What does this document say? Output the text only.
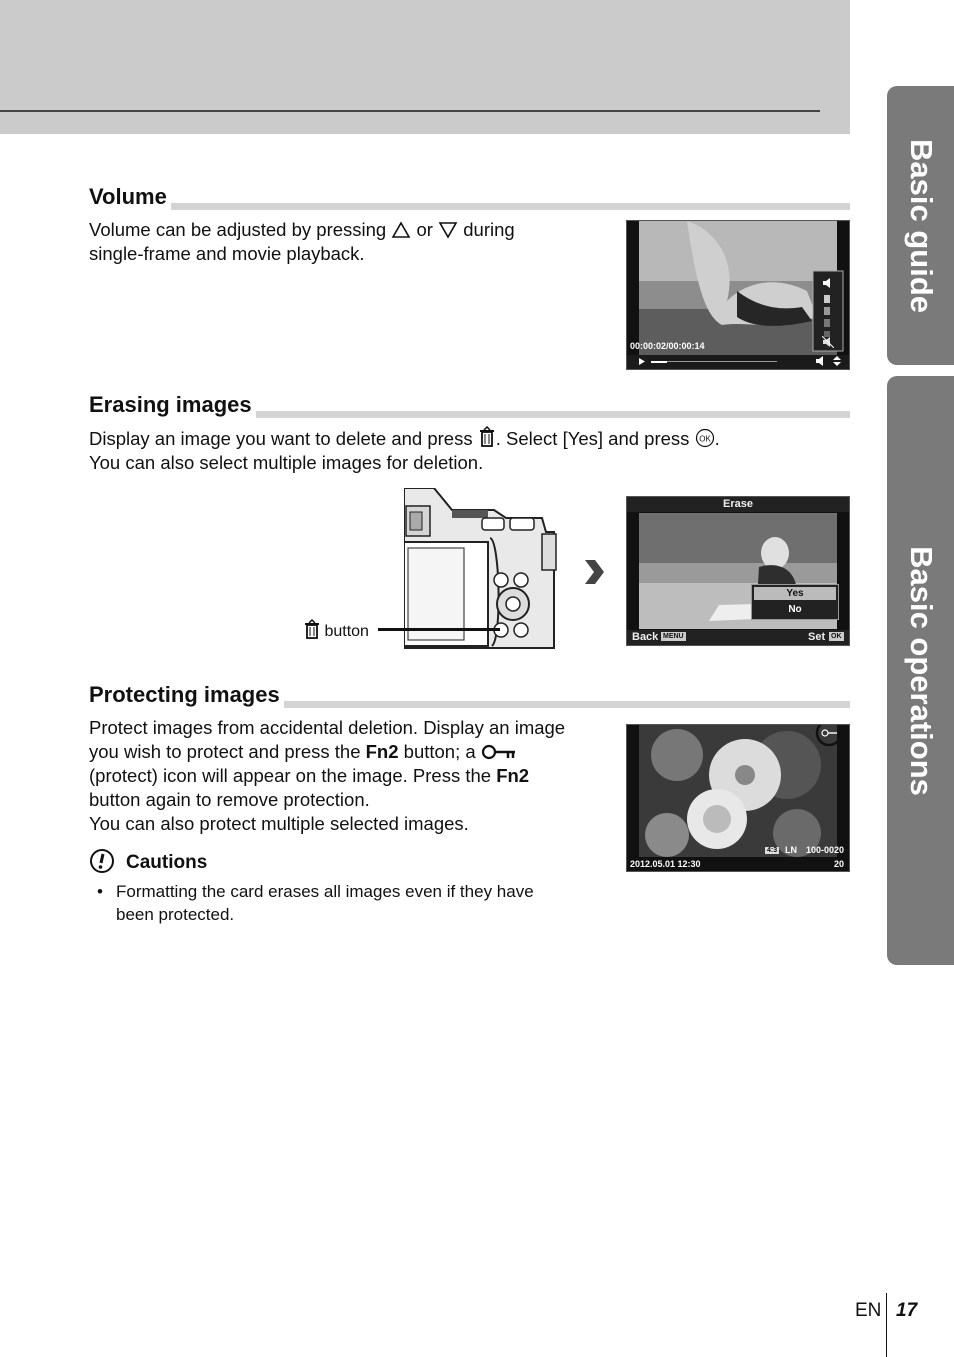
Basic guide
Basic operations
Volume

Volume can be adjusted by pressing or during
single-frame and movie playback.

00:00:02/00:00:14
Erasing images

Display an image you want to delete and press . Select [Yes] and press OK .
You can also select multiple images for deletion.

button
Erase
Yes
No
Back MENU	Set OK
Protecting images

Protect images from accidental deletion. Display an image
you wish to protect and press the Fn2 button; a
(protect) icon will appear on the image. Press the Fn2
button again to remove protection.
You can also protect multiple selected images.

4:3 LN 100-0020
2012.05.01 12:30	20
Cautions
• Formatting the card erases all images even if they have
been protected.
EN 17
